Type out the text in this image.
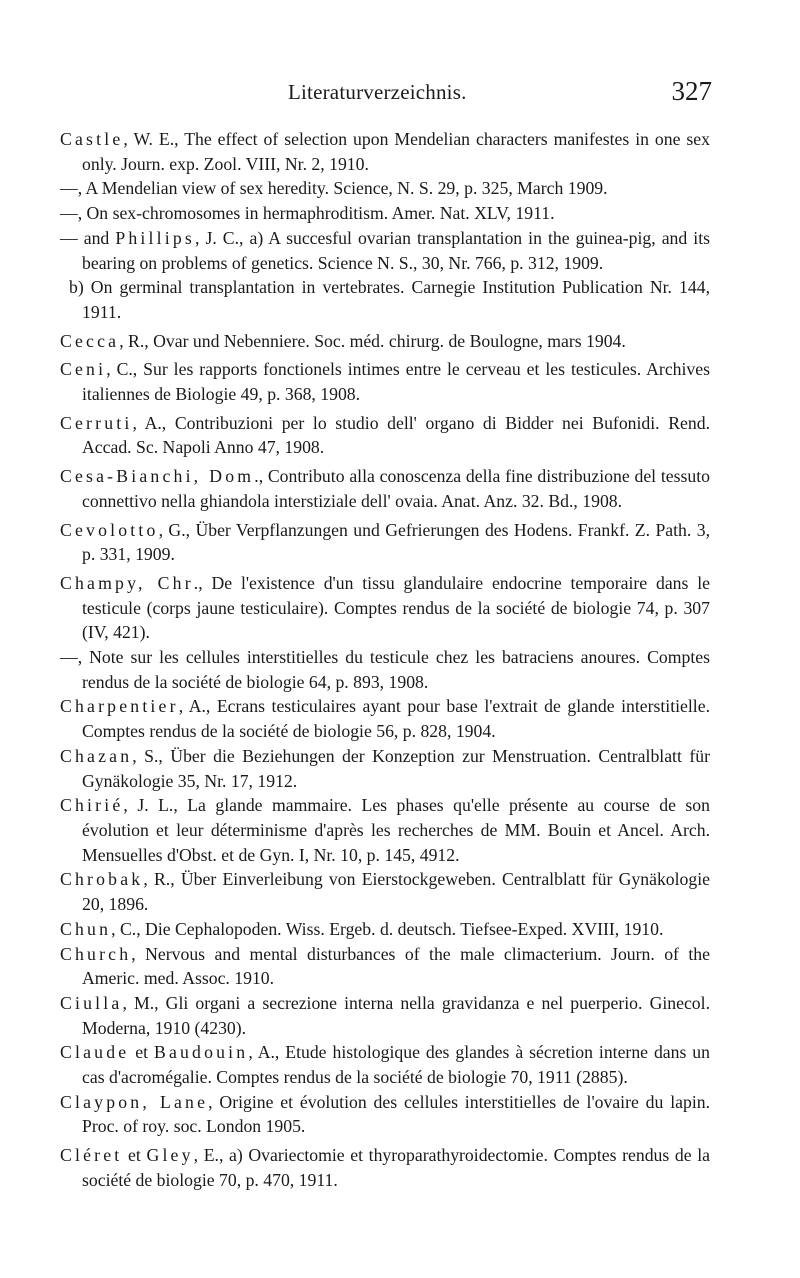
Literaturverzeichnis.	327

Castle, W. E., The effect of selection upon Mendelian characters manifestes in one sex only. Journ. exp. Zool. VIII, Nr. 2, 1910.

—, A Mendelian view of sex heredity. Science, N. S. 29, p. 325, March 1909.

—, On sex-chromosomes in hermaphroditism. Amer. Nat. XLV, 1911.

— and Phillips, J. C., a) A succesful ovarian transplantation in the guinea-pig, and its bearing on problems of genetics. Science N. S., 30, Nr. 766, p. 312, 1909.

b) On germinal transplantation in vertebrates. Carnegie Institution Publication Nr. 144, 1911.

Cecca, R., Ovar und Nebenniere. Soc. méd. chirurg. de Boulogne, mars 1904.

Ceni, C., Sur les rapports fonctionels intimes entre le cerveau et les testicules. Archives italiennes de Biologie 49, p. 368, 1908.

Cerruti, A., Contribuzioni per lo studio dell' organo di Bidder nei Bufonidi. Rend. Accad. Sc. Napoli Anno 47, 1908.

Cesa-Bianchi, Dom., Contributo alla conoscenza della fine distribuzione del tessuto connettivo nella ghiandola interstiziale dell' ovaia. Anat. Anz. 32. Bd., 1908.

Cevolotto, G., Über Verpflanzungen und Gefrierungen des Hodens. Frankf. Z. Path. 3, p. 331, 1909.

Champy, Chr., De l'existence d'un tissu glandulaire endocrine temporaire dans le testicule (corps jaune testiculaire). Comptes rendus de la société de biologie 74, p. 307 (IV, 421).

—, Note sur les cellules interstitielles du testicule chez les batraciens anoures. Comptes rendus de la société de biologie 64, p. 893, 1908.

Charpentier, A., Ecrans testiculaires ayant pour base l'extrait de glande interstitielle. Comptes rendus de la société de biologie 56, p. 828, 1904.

Chazan, S., Über die Beziehungen der Konzeption zur Menstruation. Centralblatt für Gynäkologie 35, Nr. 17, 1912.

Chirié, J. L., La glande mammaire. Les phases qu'elle présente au course de son évolution et leur déterminisme d'après les recherches de MM. Bouin et Ancel. Arch. Mensuelles d'Obst. et de Gyn. I, Nr. 10, p. 145, 4912.

Chrobak, R., Über Einverleibung von Eierstockgeweben. Centralblatt für Gynäkologie 20, 1896.

Chun, C., Die Cephalopoden. Wiss. Ergeb. d. deutsch. Tiefsee-Exped. XVIII, 1910.

Church, Nervous and mental disturbances of the male climacterium. Journ. of the Americ. med. Assoc. 1910.

Ciulla, M., Gli organi a secrezione interna nella gravidanza e nel puerperio. Ginecol. Moderna, 1910 (4230).

Claude et Baudouin, A., Etude histologique des glandes à sécretion interne dans un cas d'acromégalie. Comptes rendus de la société de biologie 70, 1911 (2885).

Claypon, Lane, Origine et évolution des cellules interstitielles de l'ovaire du lapin. Proc. of roy. soc. London 1905.

Cléret et Gley, E., a) Ovariectomie et thyroparathyroidectomie. Comptes rendus de la société de biologie 70, p. 470, 1911.
